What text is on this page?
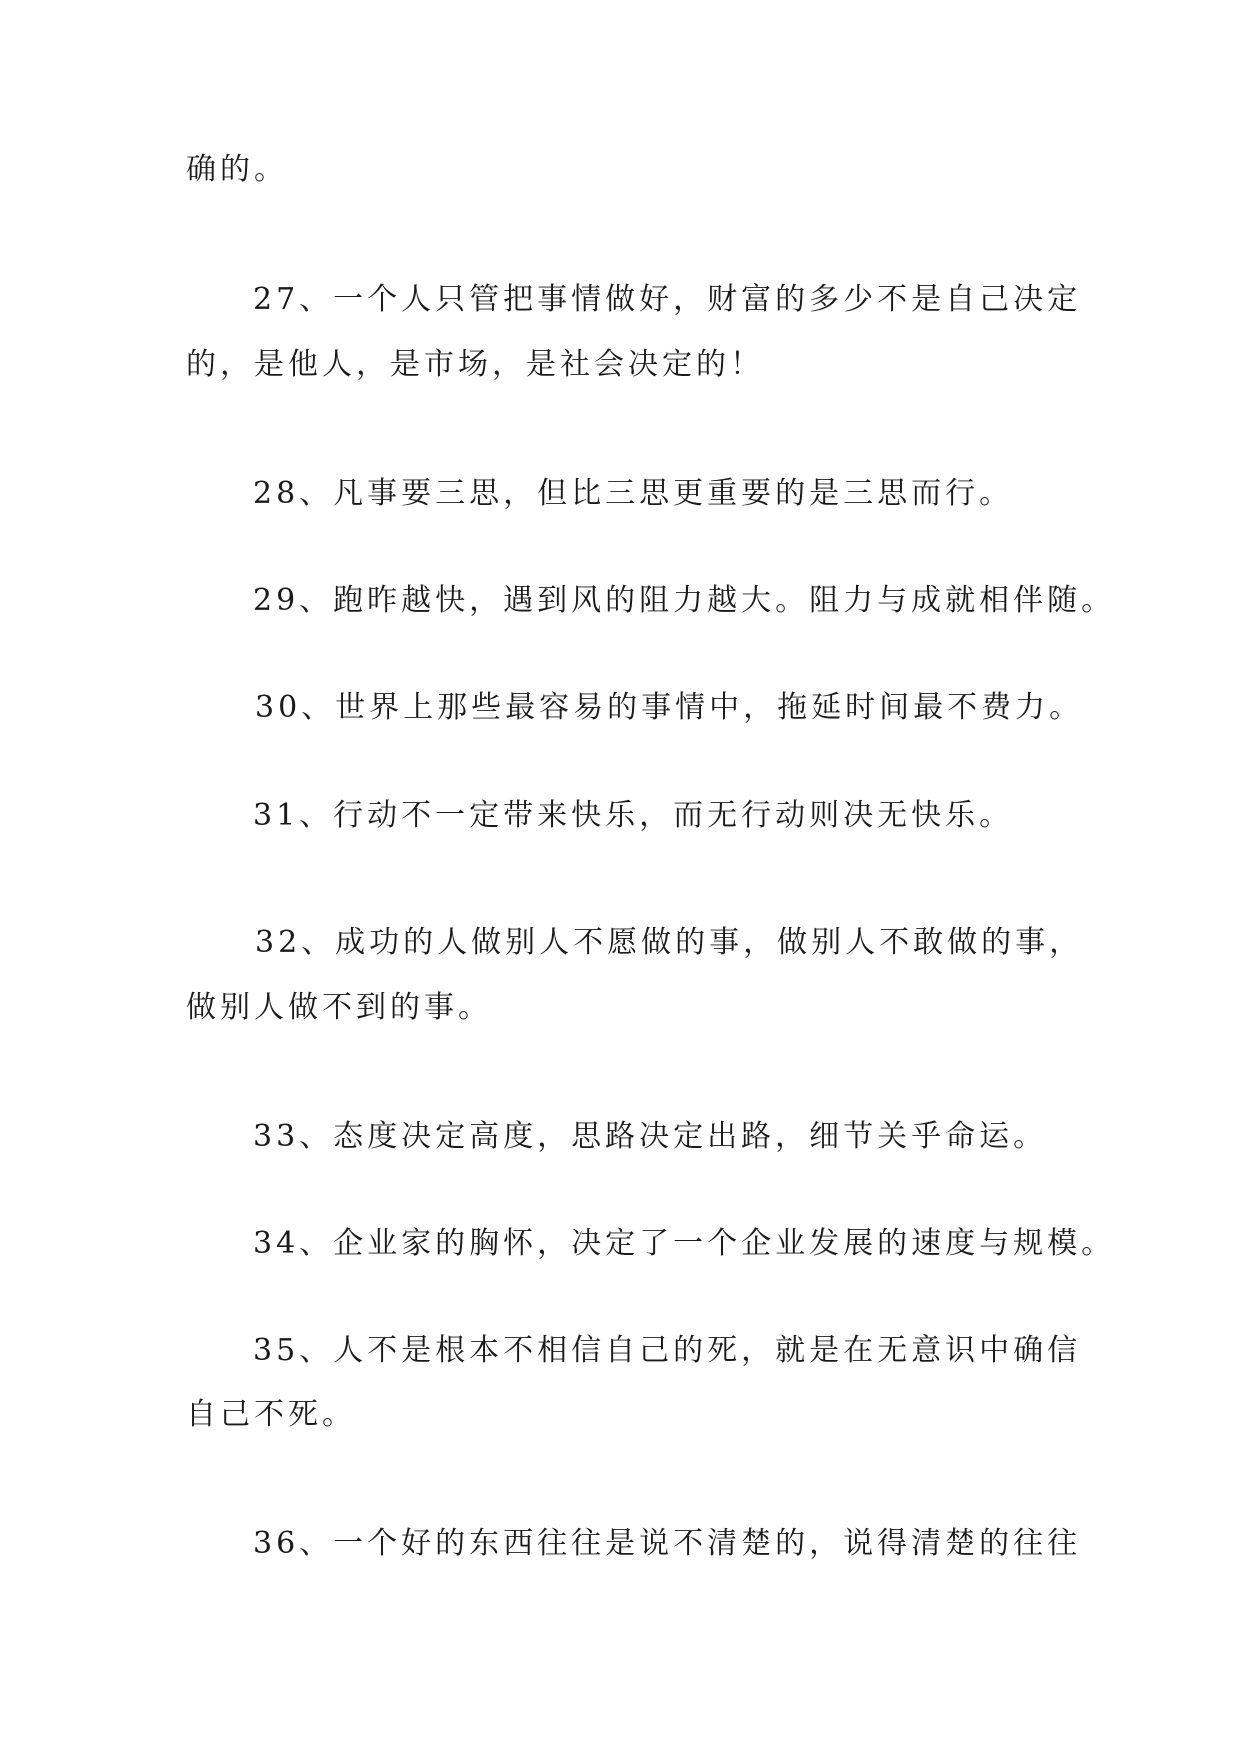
确的。
27、一个人只管把事情做好，财富的多少不是自己决定
的，是他人，是市场，是社会决定的！
28、凡事要三思，但比三思更重要的是三思而行。
29、跑昨越快，遇到风的阻力越大。阻力与成就相伴随。
30、世界上那些最容易的事情中，拖延时间最不费力。
31、行动不一定带来快乐，而无行动则决无快乐。
32、成功的人做别人不愿做的事，做别人不敢做的事，
做别人做不到的事。
33、态度决定高度，思路决定出路，细节关乎命运。
34、企业家的胸怀，决定了一个企业发展的速度与规模。
35、人不是根本不相信自己的死，就是在无意识中确信
自己不死。
36、一个好的东西往往是说不清楚的，说得清楚的往往
